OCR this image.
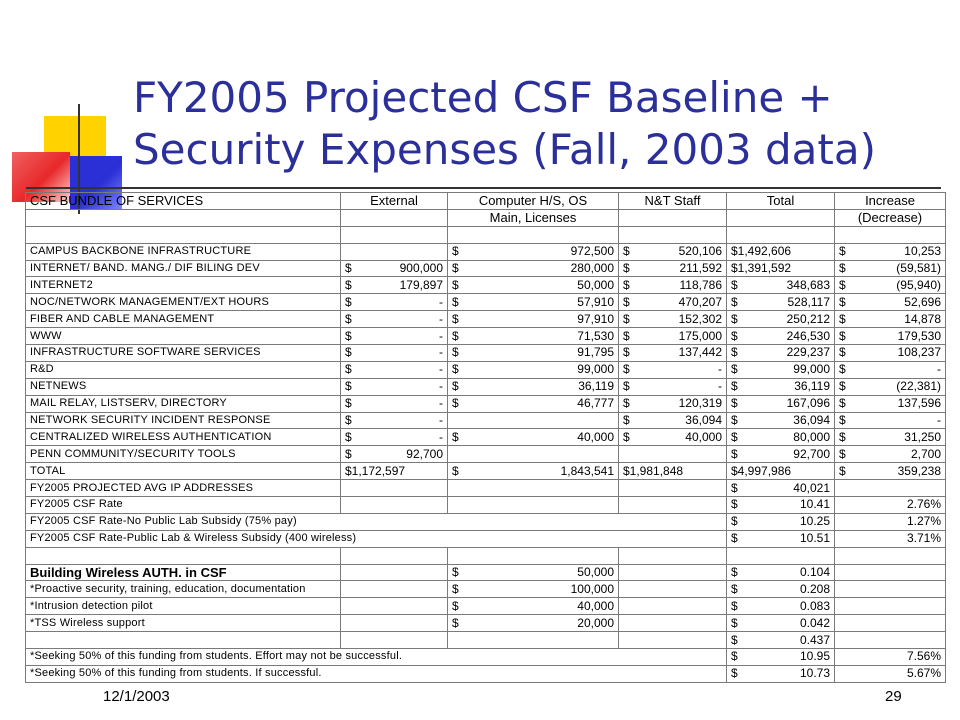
FY2005 Projected CSF Baseline +
Security Expenses (Fall, 2003 data)
CSF BUNDLE OF SERVICES	External	Computer H/S, OS	N&T Staff	Total	Increase
		Main, Licenses			(Decrease)

CAMPUS BACKBONE INFRASTRUCTURE		$ 972,500	$ 520,106	$1,492,606	$ 10,253

INTERNET/ BAND. MANG./ DIF BILING DEV	$ 900,000	$ 280,000	$ 211,592	$1,391,592	$ (59,581)

INTERNET2	$ 179,897	$ 50,000	$ 118,786	$ 348,683	$ (95,940)

NOC/NETWORK MANAGEMENT/EXT HOURS	$ -	$ 57,910	$ 470,207	$ 528,117	$ 52,696

FIBER AND CABLE MANAGEMENT	$ -	$ 97,910	$ 152,302	$ 250,212	$ 14,878

WWW	$ -	$ 71,530	$ 175,000	$ 246,530	$ 179,530

INFRASTRUCTURE SOFTWARE SERVICES	$ -	$ 91,795	$ 137,442	$ 229,237	$ 108,237

R&D	$ -	$ 99,000	$ -	$ 99,000	$ -

NETNEWS	$ -	$ 36,119	$ -	$ 36,119	$ (22,381)

MAIL RELAY, LISTSERV, DIRECTORY	$ -	$ 46,777	$ 120,319	$ 167,096	$ 137,596

NETWORK SECURITY INCIDENT RESPONSE	$ -		$ 36,094	$ 36,094	$ -

CENTRALIZED WIRELESS AUTHENTICATION	$ -	$ 40,000	$ 40,000	$ 80,000	$ 31,250

PENN COMMUNITY/SECURITY TOOLS	$ 92,700			$ 92,700	$ 2,700

TOTAL	$1,172,597	$ 1,843,541	$1,981,848	$4,997,986	$ 359,238

FY2005 PROJECTED AVG IP ADDRESSES				$ 40,021	

FY2005 CSF Rate				$ 10.41	2.76%
FY2005 CSF Rate-No Public Lab Subsidy (75% pay)				$ 10.25	1.27%
FY2005 CSF Rate-Public Lab & Wireless Subsidy (400 wireless)				$ 10.51	3.71%

Building Wireless AUTH. in CSF		$ 50,000		$ 0.104	

*Proactive security, training, education, documentation		$ 100,000		$ 0.208	

*Intrusion detection pilot		$ 40,000		$ 0.083	

*TSS Wireless support		$ 20,000		$ 0.042	

				$ 0.437	

*Seeking 50% of this funding from students. Effort may not be successful.				$ 10.95	7.56%
*Seeking 50% of this funding from students. If successful.				$ 10.73	5.67%
12/1/2003	29
